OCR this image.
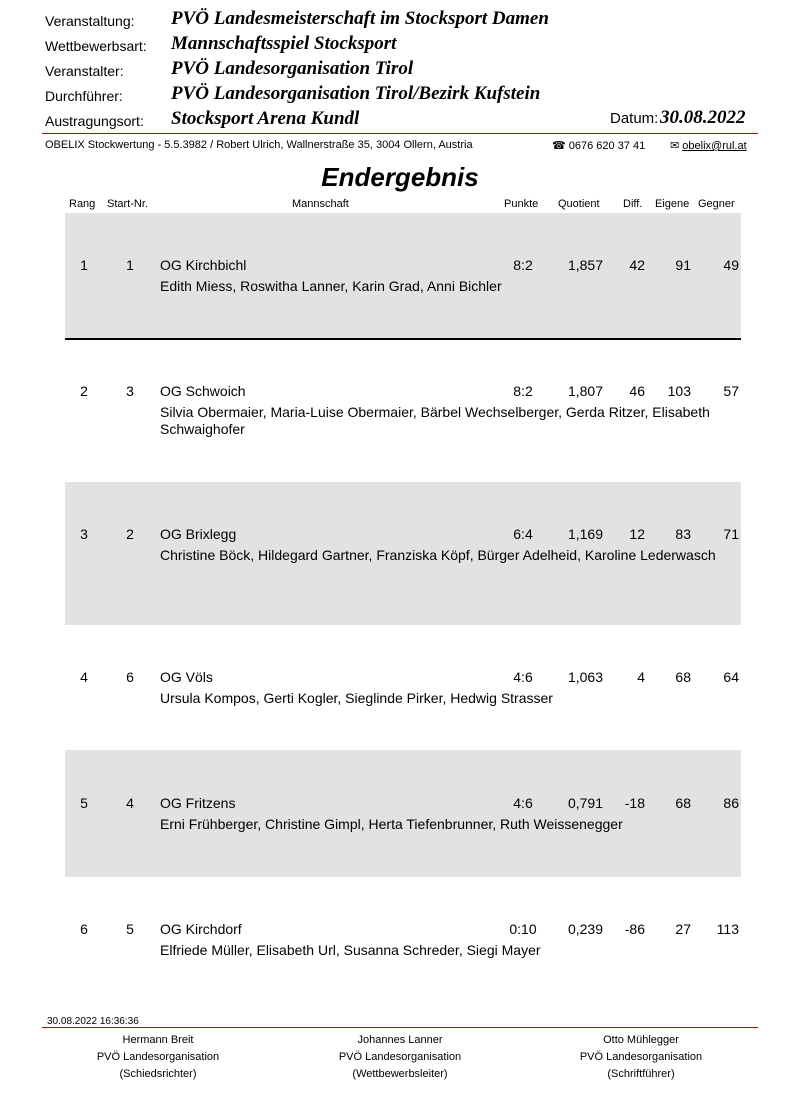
Veranstaltung: PVÖ Landesmeisterschaft im Stocksport Damen
Wettbewerbsart: Mannschaftsspiel Stocksport
Veranstalter: PVÖ Landesorganisation Tirol
Durchführer:	PVÖ Landesorganisation Tirol/Bezirk Kufstein
Austragungsort: Stocksport Arena Kundl	Datum: 30.08.2022
OBELIX Stockwertung - 5.5.3982 / Robert Ulrich, Wallnerstraße 35, 3004 Ollern, Austria	☎ 0676 620 37 41 ✉ obelix@rul.at
Endergebnis
Rang Start-Nr.	Mannschaft	Punkte Quotient Diff. Eigene Gegner
1	1	OG Kirchbichl	8:2	1,857	42	91	49
Edith Miess, Roswitha Lanner, Karin Grad, Anni Bichler
2	3	OG Schwoich	8:2	1,807	46	103	57
Silvia Obermaier, Maria-Luise Obermaier, Bärbel Wechselberger, Gerda Ritzer, Elisabeth Schwaighofer
3	2	OG Brixlegg	6:4	1,169	12	83	71
Christine Böck, Hildegard Gartner, Franziska Köpf, Bürger Adelheid, Karoline Lederwasch
4	6	OG Völs	4:6	1,063	4	68	64
Ursula Kompos, Gerti Kogler, Sieglinde Pirker, Hedwig Strasser
5	4	OG Fritzens	4:6	0,791	-18	68	86
Erni Frühberger, Christine Gimpl, Herta Tiefenbrunner, Ruth Weissenegger
6	5	OG Kirchdorf	0:10	0,239	-86	27	113
Elfriede Müller, Elisabeth Url, Susanna Schreder, Siegi Mayer
30.08.2022 16:36:36
Hermann Breit
PVÖ Landesorganisation
(Schiedsrichter)
Johannes Lanner
PVÖ Landesorganisation
(Wettbewerbsleiter)
Otto Mühlegger
PVÖ Landesorganisation
(Schriftführer)
